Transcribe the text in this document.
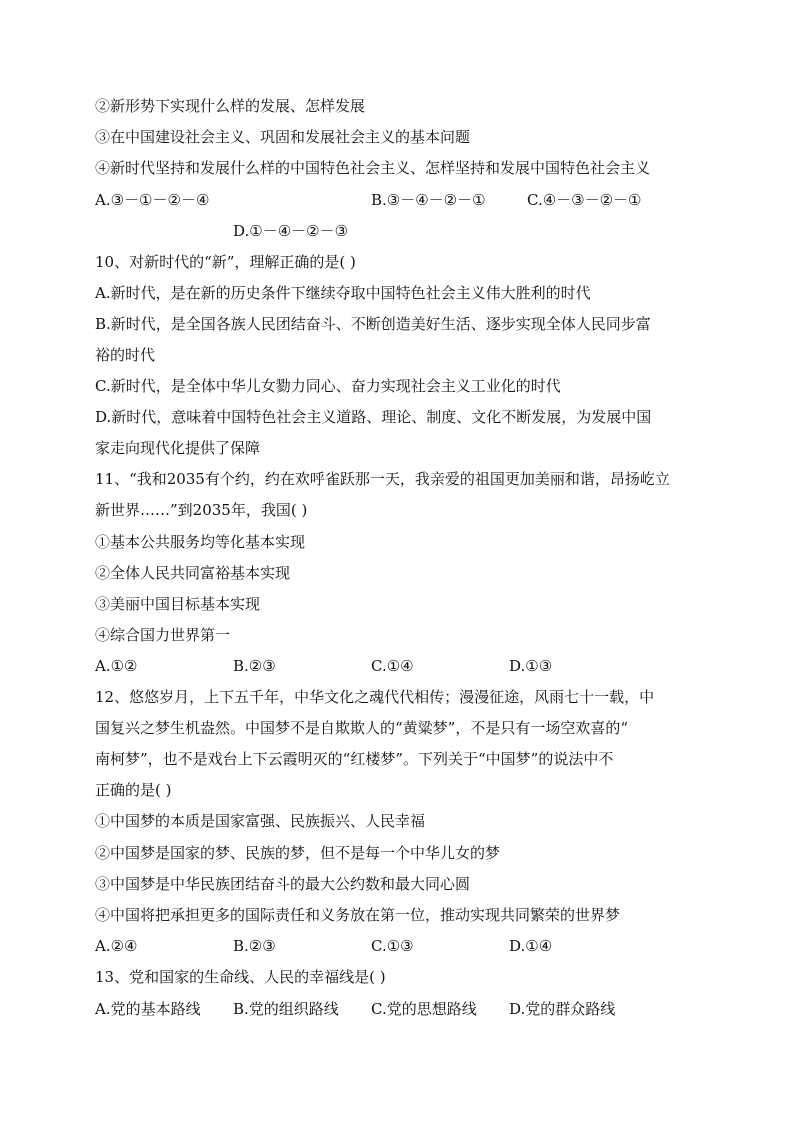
②新形势下实现什么样的发展、怎样发展
③在中国建设社会主义、巩固和发展社会主义的基本问题
④新时代坚持和发展什么样的中国特色社会主义、怎样坚持和发展中国特色社会主义
A.③－①－②－④	B.③－④－②－①	C.④－③－②－①
D.①－④－②－③
10、对新时代的“新”，理解正确的是( )
A.新时代，是在新的历史条件下继续夺取中国特色社会主义伟大胜利的时代
B.新时代，是全国各族人民团结奋斗、不断创造美好生活、逐步实现全体人民同步富
裕的时代
C.新时代，是全体中华儿女勠力同心、奋力实现社会主义工业化的时代
D.新时代，意味着中国特色社会主义道路、理论、制度、文化不断发展，为发展中国
家走向现代化提供了保障
11、“我和2035有个约，约在欢呼雀跃那一天，我亲爱的祖国更加美丽和谐，昂扬屹立
新世界……”到2035年，我国( )
①基本公共服务均等化基本实现
②全体人民共同富裕基本实现
③美丽中国目标基本实现
④综合国力世界第一
A.①②	B.②③	C.①④	D.①③
12、悠悠岁月，上下五千年，中华文化之魂代代相传；漫漫征途，风雨七十一载，中
国复兴之梦生机盎然。中国梦不是自欺欺人的“黄粱梦”，不是只有一场空欢喜的“
南柯梦”，也不是戏台上下云霞明灭的“红楼梦”。下列关于“中国梦”的说法中不
正确的是( )
①中国梦的本质是国家富强、民族振兴、人民幸福
②中国梦是国家的梦、民族的梦，但不是每一个中华儿女的梦
③中国梦是中华民族团结奋斗的最大公约数和最大同心圆
④中国将把承担更多的国际责任和义务放在第一位，推动实现共同繁荣的世界梦
A.②④	B.②③	C.①③	D.①④
13、党和国家的生命线、人民的幸福线是( )
A.党的基本路线 B.党的组织路线 C.党的思想路线 D.党的群众路线
